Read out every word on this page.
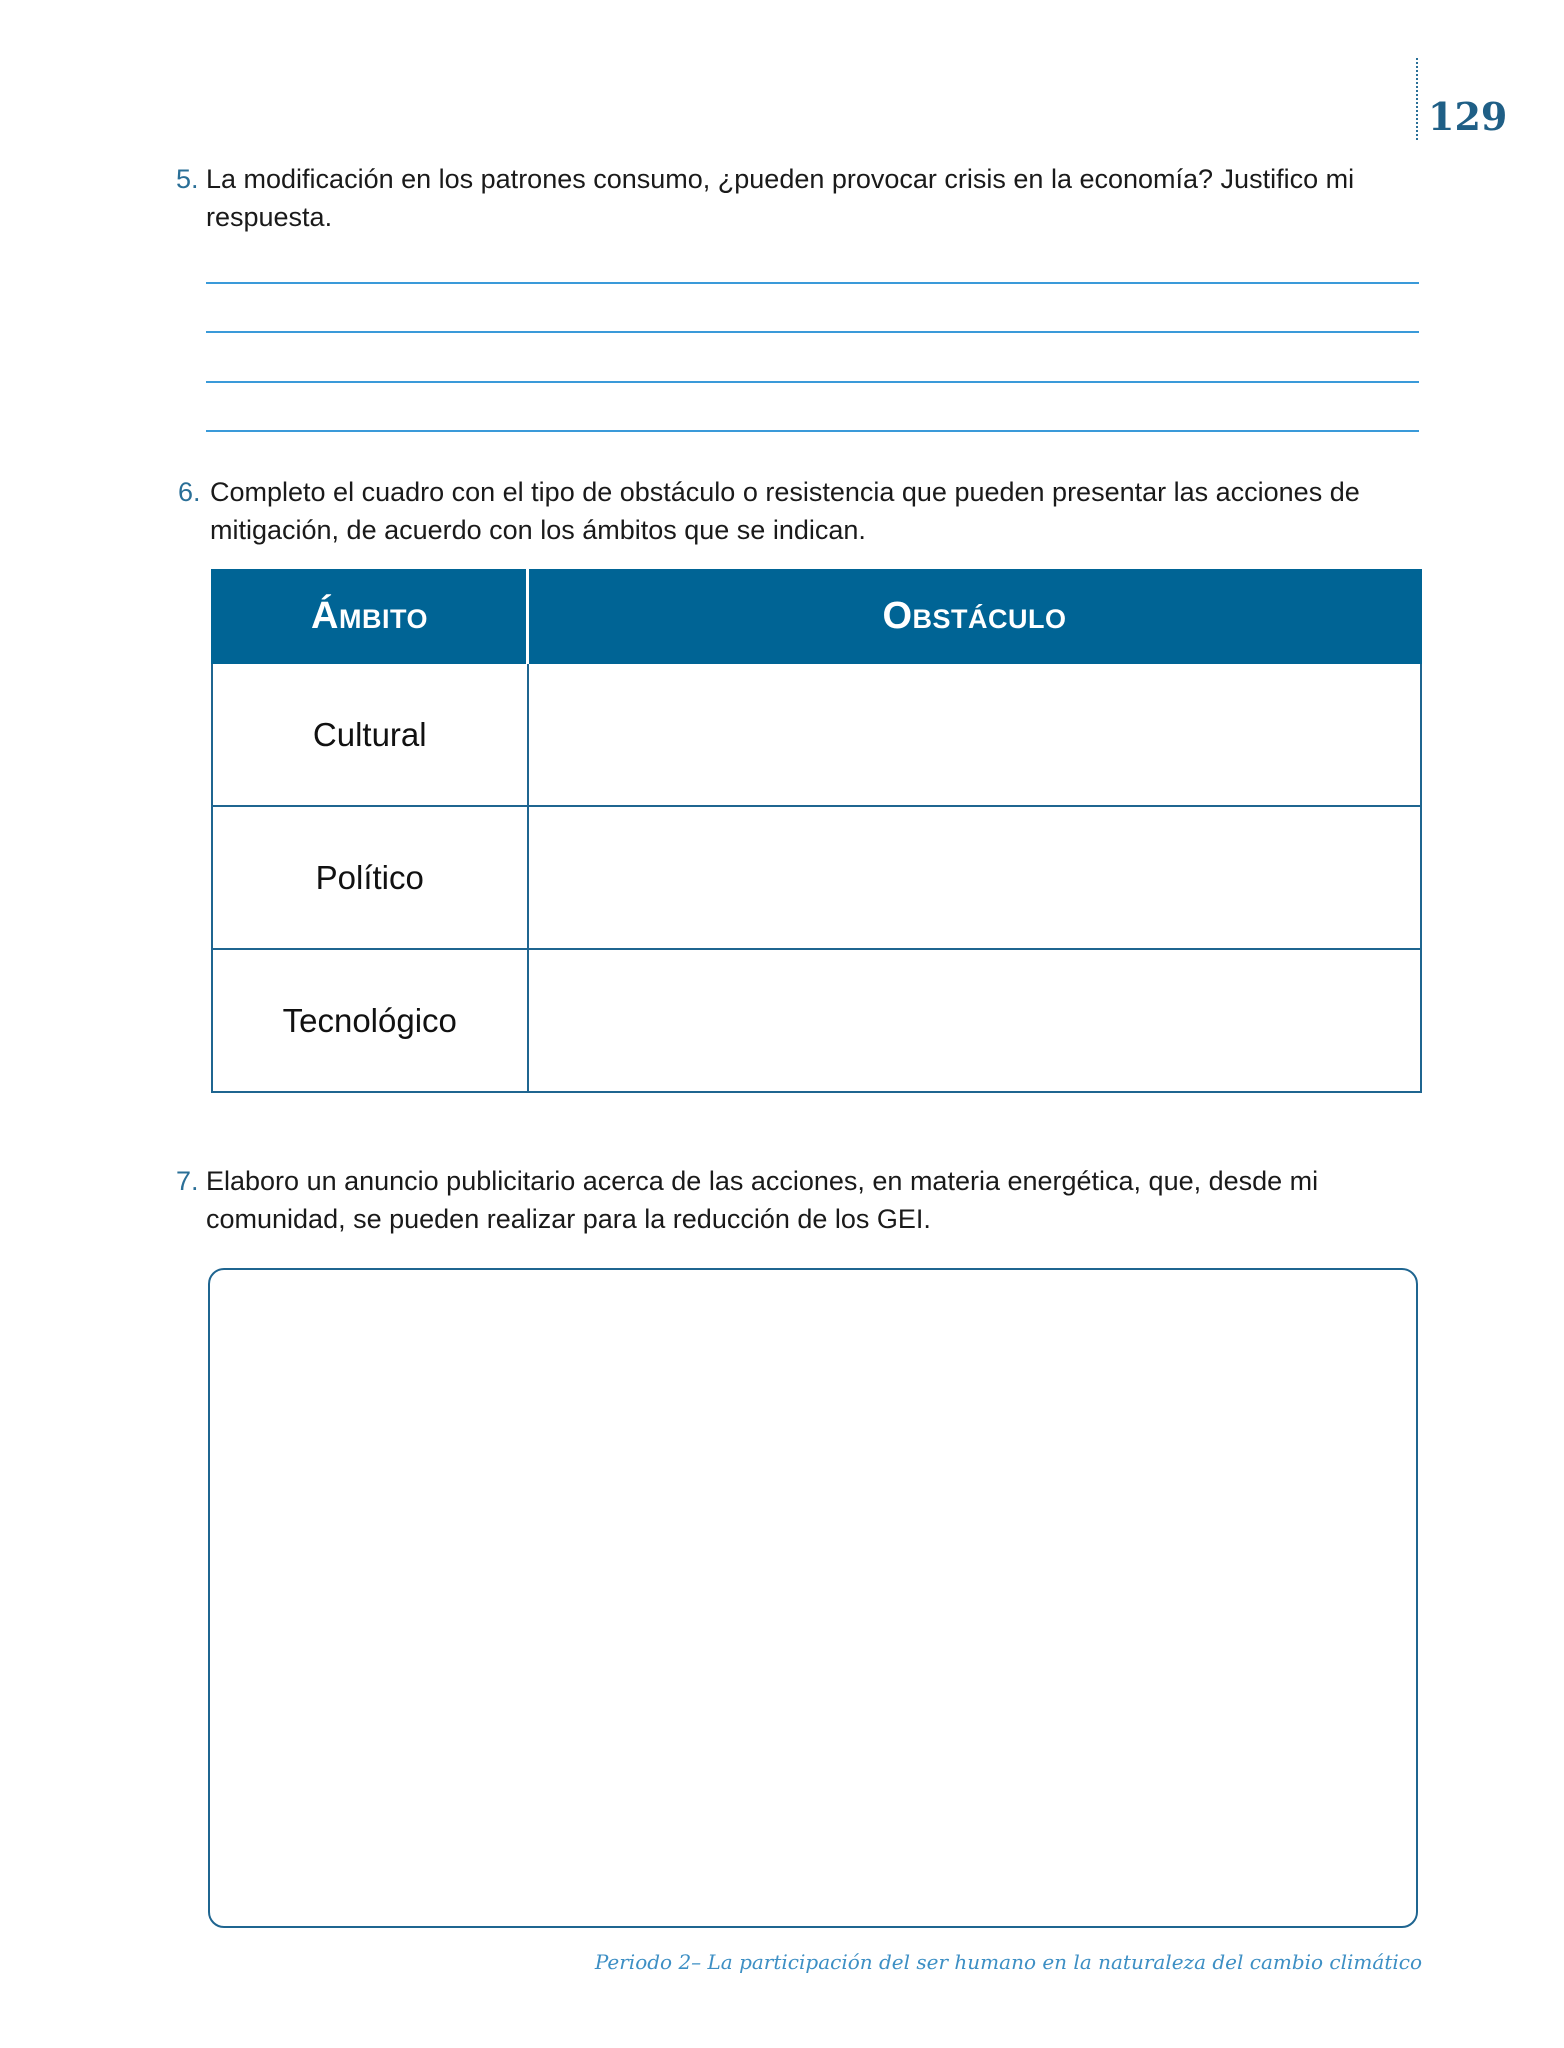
129
5. La modificación en los patrones consumo, ¿pueden provocar crisis en la economía? Justifico mi respuesta.
6. Completo el cuadro con el tipo de obstáculo o resistencia que pueden presentar las acciones de mitigación, de acuerdo con los ámbitos que se indican.
Ámbito	Obstáculo
Cultural	
Político	
Tecnológico	
7. Elaboro un anuncio publicitario acerca de las acciones, en materia energética, que, desde mi comunidad, se pueden realizar para la reducción de los GEI.
Periodo 2– La participación del ser humano en la naturaleza del cambio climático
